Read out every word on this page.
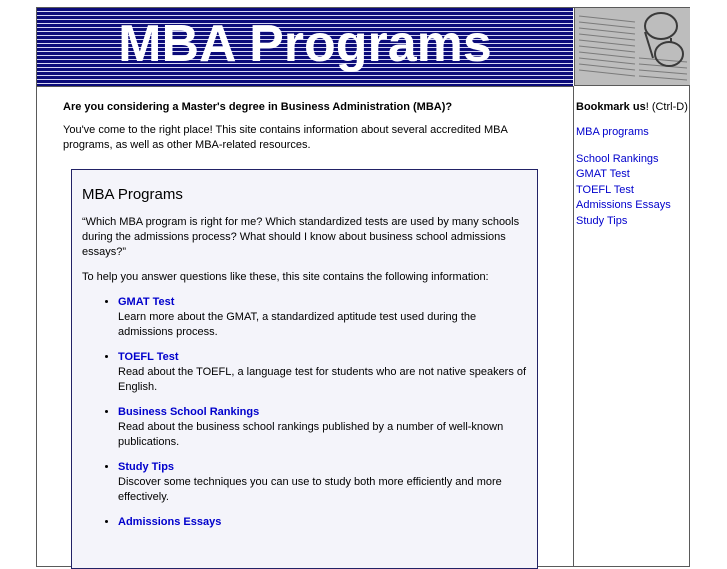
MBA Programs

Are you considering a Master's degree in Business Administration (MBA)?

You've come to the right place! This site contains information about several accredited MBA programs, as well as other MBA-related resources.

MBA Programs

“Which MBA program is right for me? Which standardized tests are used by many schools during the admissions process? What should I know about business school admissions essays?”

To help you answer questions like these, this site contains the following information:

• GMAT Test
Learn more about the GMAT, a standardized aptitude test used during the admissions process.
• TOEFL Test
Read about the TOEFL, a language test for students who are not native speakers of English.
• Business School Rankings
Read about the business school rankings published by a number of well-known publications.
• Study Tips
Discover some techniques you can use to study both more efficiently and more effectively.
• Admissions Essays

Bookmark us! (Ctrl-D)

MBA programs
School Rankings
GMAT Test
TOEFL Test
Admissions Essays
Study Tips
